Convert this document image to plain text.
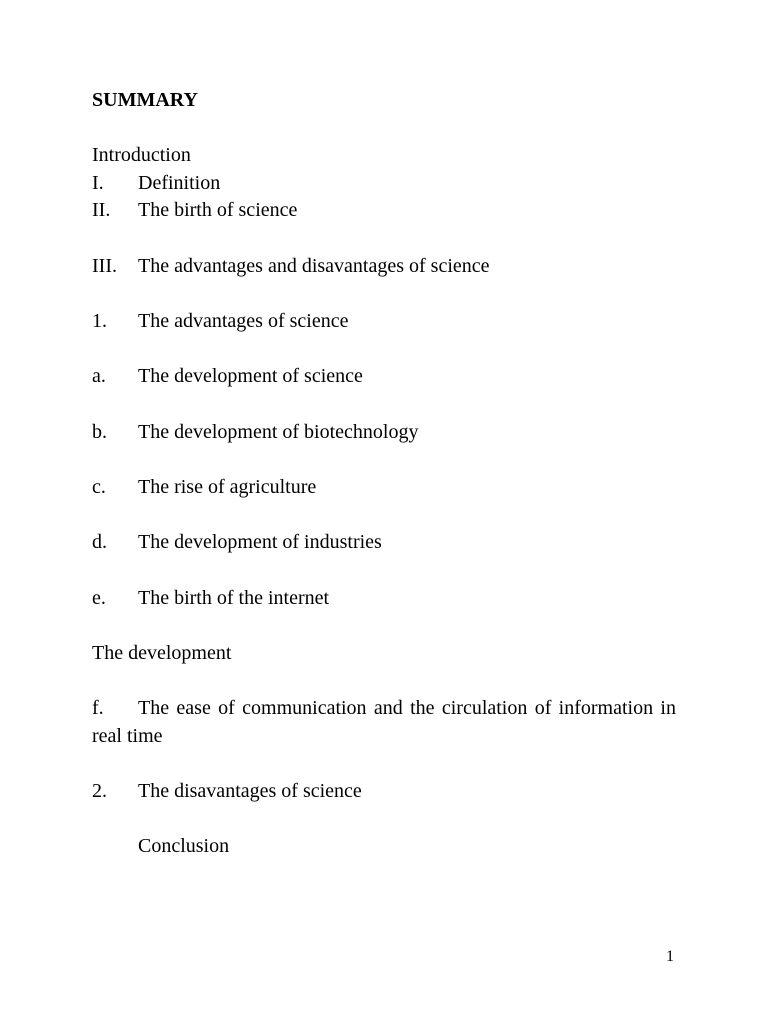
SUMMARY
Introduction
I. Definition
II. The birth of science
III. The advantages and disavantages of science
1. The advantages of science
a. The development of science
b. The development of biotechnology
c. The rise of agriculture
d. The development of industries
e. The birth of the internet
The development
f. The ease of communication and the circulation of information in real time
2. The disavantages of science
Conclusion
1
